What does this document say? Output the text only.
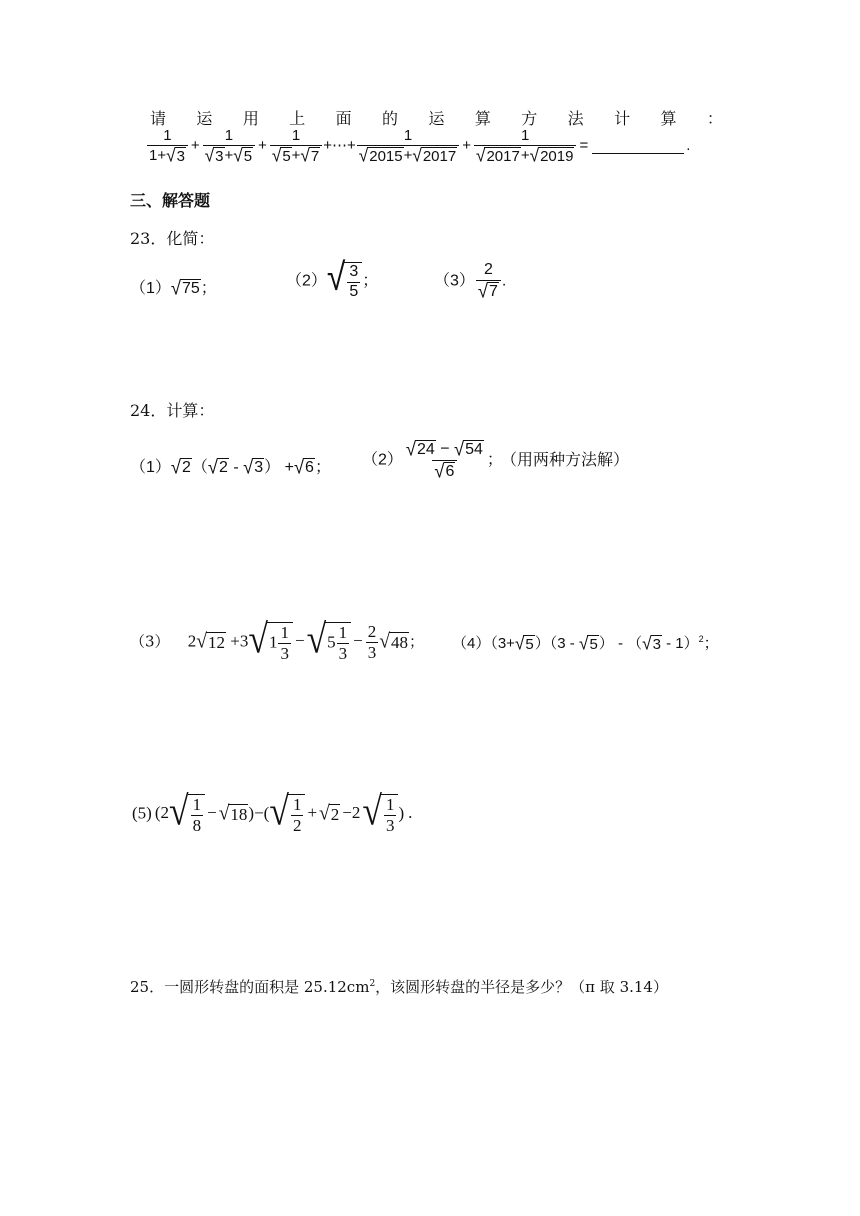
请 运 用 上 面 的 运 算 方 法 计 算 ：
$\frac{1}{1+ √ 3} + \frac{1}{√ 3 + √ 5} + \frac{1}{√ 5 + √ 7}$ +⋯+ $\frac{1}{√ 2015 + √ 2017} + \frac{1}{√ 2017 + √ 2019}$ =	.
三、解答题
23．化简：
（1） √ 75 ；	（2） √ $\frac{3}{5}$ ；	$(3) \frac{2}{√ 7}$ .
24．计算：
（1） √ 2 （ √ 2 - √ 3 ） + √ 6 ； $(2) \frac{√ 24 - √ 54}{√ 6}$ ； （用两种方法解）
（3） 2 √ 12 +3 √ $1 \frac{1}{3}$ − √ $5 \frac{1}{3} - \frac{2}{3}$ √ 48 ； （4）（3+ √ 5 ）（3 - √ 5 ） - （ √ 3 - 1）$^2$；
(5) (2 √ $\frac{1}{8}$ − √ 18 )−( √ $\frac{1}{2}$ + √ 2 −2 √ $\frac{1}{3}$ ) .
25．一圆形转盘的面积是 $25.12cm^2$，该圆形转盘的半径是多少？（π 取 3.14）
